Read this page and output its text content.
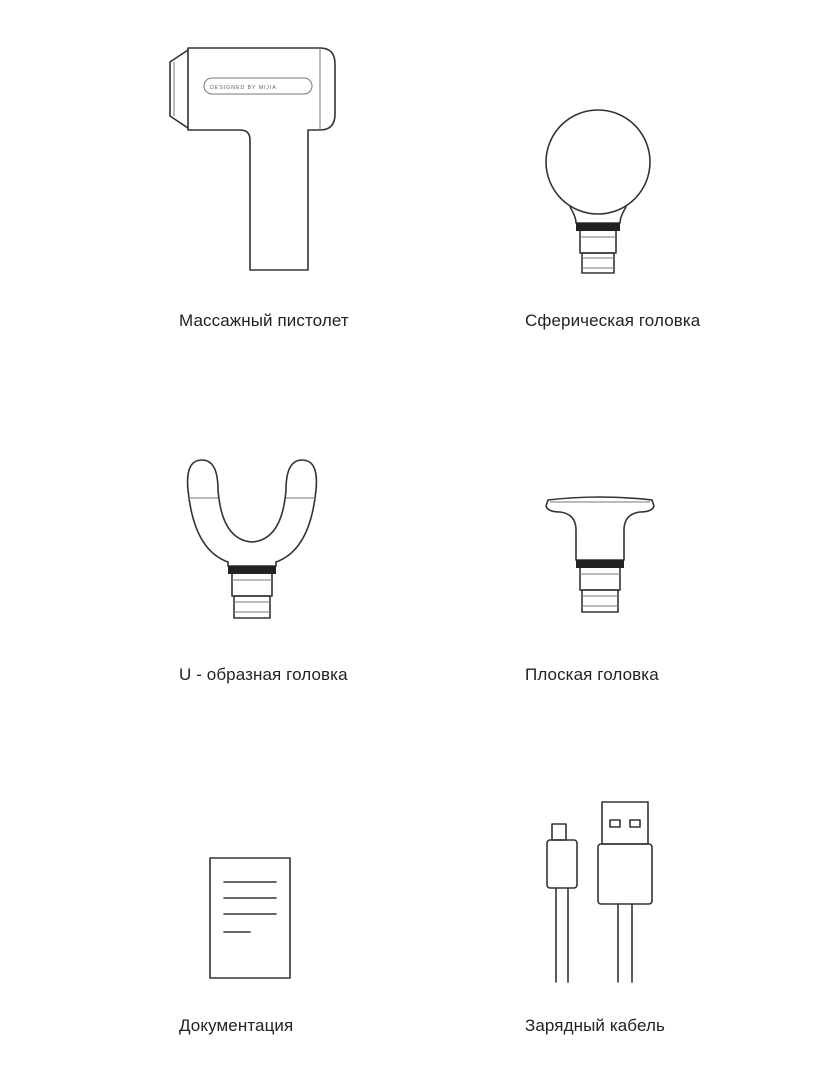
DESIGNED BY MIJIA
Массажный пистолет	Сферическая головка
U - образная головка	Плоская головка
Документация	Зарядный кабель
